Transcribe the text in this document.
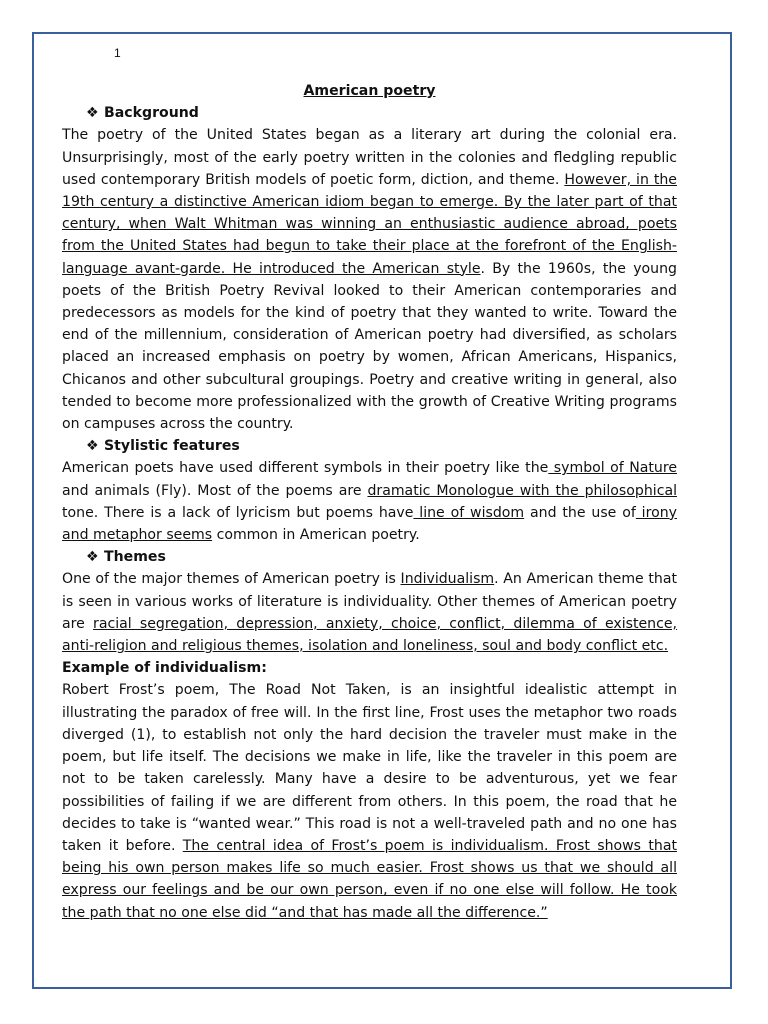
1

American poetry

❖ Background

The poetry of the United States began as a literary art during the colonial era. Unsurprisingly, most of the early poetry written in the colonies and fledgling republic used contemporary British models of poetic form, diction, and theme. However, in the 19th century a distinctive American idiom began to emerge. By the later part of that century, when Walt Whitman was winning an enthusiastic audience abroad, poets from the United States had begun to take their place at the forefront of the English-language avant-garde. He introduced the American style. By the 1960s, the young poets of the British Poetry Revival looked to their American contemporaries and predecessors as models for the kind of poetry that they wanted to write. Toward the end of the millennium, consideration of American poetry had diversified, as scholars placed an increased emphasis on poetry by women, African Americans, Hispanics, Chicanos and other subcultural groupings. Poetry and creative writing in general, also tended to become more professionalized with the growth of Creative Writing programs on campuses across the country.

❖ Stylistic features

American poets have used different symbols in their poetry like the symbol of Nature and animals (Fly). Most of the poems are dramatic Monologue with the philosophical tone. There is a lack of lyricism but poems have line of wisdom and the use of irony and metaphor seems common in American poetry.

❖ Themes

One of the major themes of American poetry is Individualism. An American theme that is seen in various works of literature is individuality. Other themes of American poetry are racial segregation, depression, anxiety, choice, conflict, dilemma of existence, anti-religion and religious themes, isolation and loneliness, soul and body conflict etc.

Example of individualism:

Robert Frost’s poem, The Road Not Taken, is an insightful idealistic attempt in illustrating the paradox of free will. In the first line, Frost uses the metaphor two roads diverged (1), to establish not only the hard decision the traveler must make in the poem, but life itself. The decisions we make in life, like the traveler in this poem are not to be taken carelessly. Many have a desire to be adventurous, yet we fear possibilities of failing if we are different from others. In this poem, the road that he decides to take is “wanted wear.” This road is not a well-traveled path and no one has taken it before. The central idea of Frost’s poem is individualism. Frost shows that being his own person makes life so much easier. Frost shows us that we should all express our feelings and be our own person, even if no one else will follow. He took the path that no one else did “and that has made all the difference.”
